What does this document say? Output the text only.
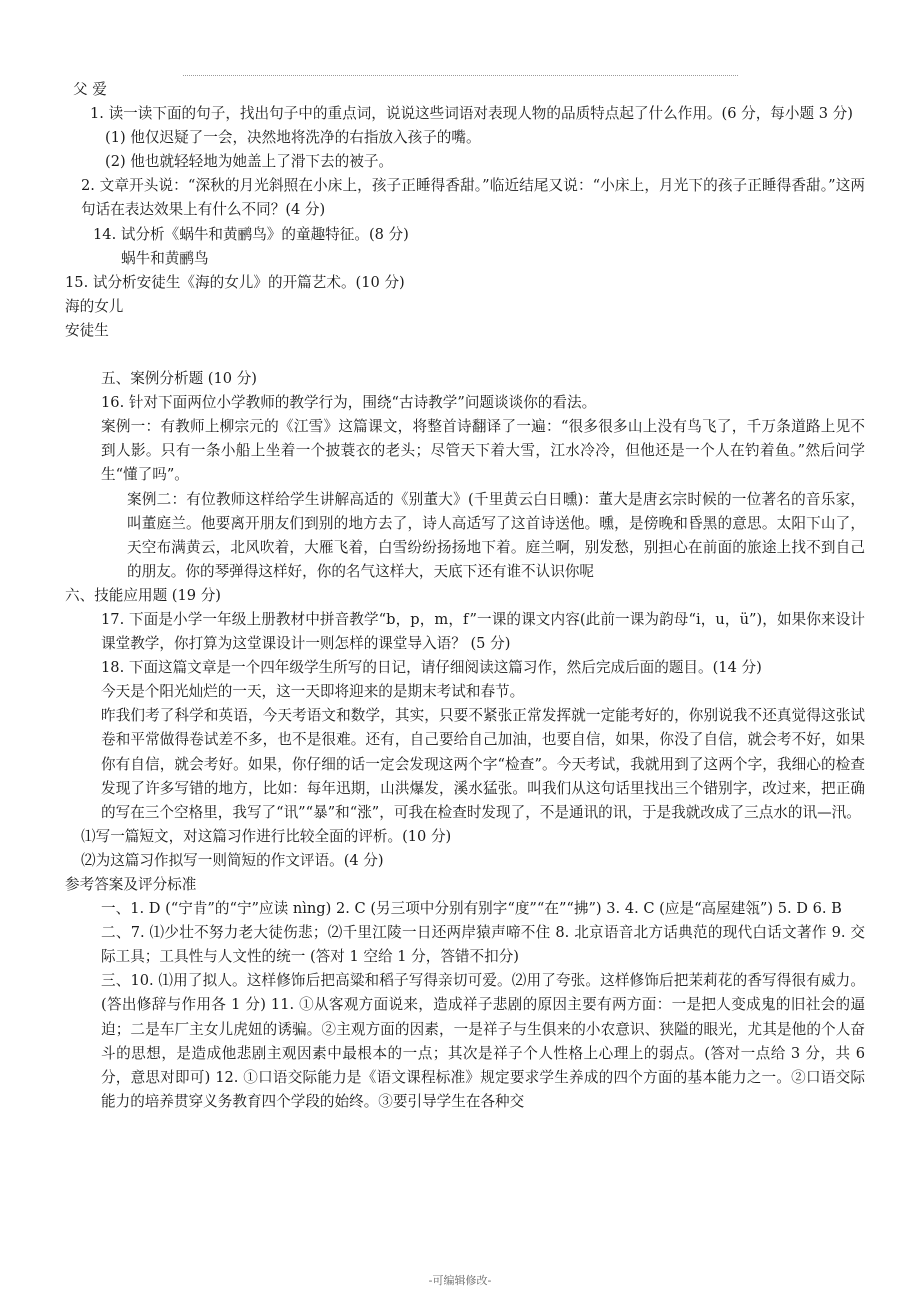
父 爱

1. 读一读下面的句子，找出句子中的重点词，说说这些词语对表现人物的品质特点起了什么作用。(6 分，每小题 3 分)

(1) 他仅迟疑了一会，决然地将洗净的右指放入孩子的嘴。

(2) 他也就轻轻地为她盖上了滑下去的被子。

2. 文章开头说：“深秋的月光斜照在小床上，孩子正睡得香甜。”临近结尾又说：“小床上，月光下的孩子正睡得香甜。”这两句话在表达效果上有什么不同？(4 分)

14. 试分析《蜗牛和黄鹂鸟》的童趣特征。(8 分)

蜗牛和黄鹂鸟

15. 试分析安徒生《海的女儿》的开篇艺术。(10 分)

海的女儿

安徒生

五、案例分析题 (10 分)

16. 针对下面两位小学教师的教学行为，围绕“古诗教学”问题谈谈你的看法。

案例一：有教师上柳宗元的《江雪》这篇课文，将整首诗翻译了一遍：“很多很多山上没有鸟飞了，千万条道路上见不到人影。只有一条小船上坐着一个披蓑衣的老头；尽管天下着大雪，江水冷冷，但他还是一个人在钓着鱼。”然后问学生“懂了吗”。

案例二：有位教师这样给学生讲解高适的《别董大》(千里黄云白日曛)：董大是唐玄宗时候的一位著名的音乐家，叫董庭兰。他要离开朋友们到别的地方去了，诗人高适写了这首诗送他。曛，是傍晚和昏黑的意思。太阳下山了，天空布满黄云，北风吹着，大雁飞着，白雪纷纷扬扬地下着。庭兰啊，别发愁，别担心在前面的旅途上找不到自己的朋友。你的琴弹得这样好，你的名气这样大，天底下还有谁不认识你呢

六、技能应用题 (19 分)

17. 下面是小学一年级上册教材中拼音教学“b，p，m，f”一课的课文内容(此前一课为韵母“i，u，ü”)，如果你来设计课堂教学，你打算为这堂课设计一则怎样的课堂导入语？ (5 分)

18. 下面这篇文章是一个四年级学生所写的日记，请仔细阅读这篇习作，然后完成后面的题目。(14 分)

今天是个阳光灿烂的一天，这一天即将迎来的是期末考试和春节。

昨我们考了科学和英语，今天考语文和数学，其实，只要不紧张正常发挥就一定能考好的，你别说我不还真觉得这张试卷和平常做得卷试差不多，也不是很难。还有，自己要给自己加油，也要自信，如果，你没了自信，就会考不好，如果你有自信，就会考好。如果，你仔细的话一定会发现这两个字“检查”。今天考试，我就用到了这两个字，我细心的检查发现了许多写错的地方，比如：每年迅期，山洪爆发，溪水猛张。叫我们从这句话里找出三个错别字，改过来，把正确的写在三个空格里，我写了“讯”“暴”和“涨”，可我在检查时发现了，不是通讯的讯，于是我就改成了三点水的讯—汛。

⑴写一篇短文，对这篇习作进行比较全面的评析。(10 分)

⑵为这篇习作拟写一则简短的作文评语。(4 分)

参考答案及评分标准

一、1. D (“宁肯”的“宁”应读 nìng) 2. C (另三项中分别有别字“度”“在”“拂”) 3. 4. C (应是“高屋建瓴”) 5. D 6. B

二、7. ⑴少壮不努力老大徒伤悲；⑵千里江陵一日还两岸猿声啼不住 8. 北京语音北方话典范的现代白话文著作 9. 交际工具；工具性与人文性的统一 (答对 1 空给 1 分，答错不扣分)

三、10. ⑴用了拟人。这样修饰后把高粱和稻子写得亲切可爱。⑵用了夸张。这样修饰后把茉莉花的香写得很有威力。(答出修辞与作用各 1 分) 11. ①从客观方面说来，造成祥子悲剧的原因主要有两方面：一是把人变成鬼的旧社会的逼迫；二是车厂主女儿虎妞的诱骗。②主观方面的因素，一是祥子与生俱来的小农意识、狭隘的眼光，尤其是他的个人奋斗的思想，是造成他悲剧主观因素中最根本的一点；其次是祥子个人性格上心理上的弱点。(答对一点给 3 分，共 6 分，意思对即可) 12. ①口语交际能力是《语文课程标准》规定要求学生养成的四个方面的基本能力之一。②口语交际能力的培养贯穿义务教育四个学段的始终。③要引导学生在各种交

-可编辑修改-
